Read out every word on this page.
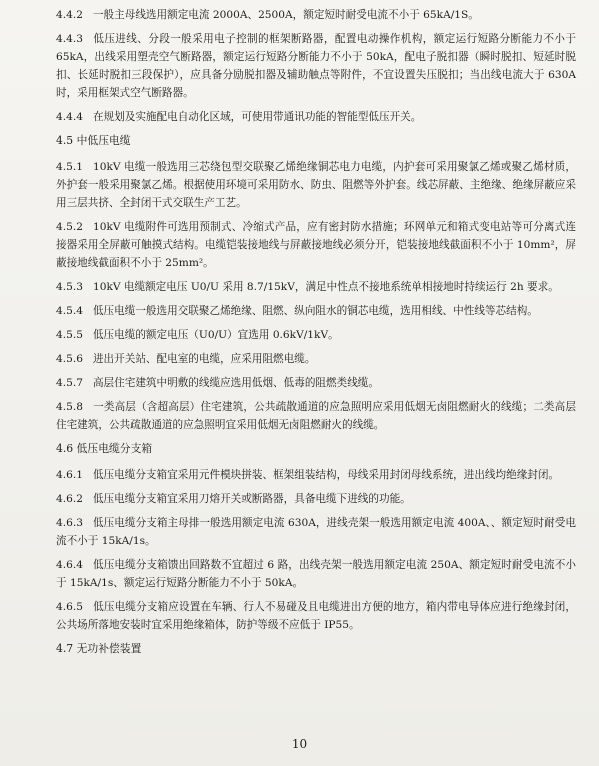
4.4.2 一般主母线选用额定电流 2000A、2500A，额定短时耐受电流不小于 65kA/1S。

4.4.3 低压进线、分段一般采用电子控制的框架断路器，配置电动操作机构，额定运行短路分断能力不小于 65kA，出线采用塑壳空气断路器，额定运行短路分断能力不小于 50kA，配电子脱扣器（瞬时脱扣、短延时脱扣、长延时脱扣三段保护），应具备分励脱扣器及辅助触点等附件，不宜设置失压脱扣；当出线电流大于 630A 时，采用框架式空气断路器。

4.4.4 在规划及实施配电自动化区域，可使用带通讯功能的智能型低压开关。

4.5 中低压电缆

4.5.1 10kV 电缆一般选用三芯绕包型交联聚乙烯绝缘铜芯电力电缆，内护套可采用聚氯乙烯或聚乙烯材质，外护套一般采用聚氯乙烯。根据使用环境可采用防水、防虫、阻燃等外护套。线芯屏蔽、主绝缘、绝缘屏蔽应采用三层共挤、全封闭干式交联生产工艺。

4.5.2 10kV 电缆附件可选用预制式、冷缩式产品，应有密封防水措施；环网单元和箱式变电站等可分离式连接器采用全屏蔽可触摸式结构。电缆铠装接地线与屏蔽接地线必须分开，铠装接地线截面积不小于 10mm²，屏蔽接地线截面积不小于 25mm²。

4.5.3 10kV 电缆额定电压 U0/U 采用 8.7/15kV，满足中性点不接地系统单相接地时持续运行 2h 要求。

4.5.4 低压电缆一般选用交联聚乙烯绝缘、阻燃、纵向阻水的铜芯电缆，选用相线、中性线等芯结构。

4.5.5 低压电缆的额定电压（U0/U）宜选用 0.6kV/1kV。

4.5.6 进出开关站、配电室的电缆，应采用阻燃电缆。

4.5.7 高层住宅建筑中明敷的线缆应选用低烟、低毒的阻燃类线缆。

4.5.8 一类高层（含超高层）住宅建筑，公共疏散通道的应急照明应采用低烟无卤阻燃耐火的线缆；二类高层住宅建筑，公共疏散通道的应急照明宜采用低烟无卤阻燃耐火的线缆。

4.6 低压电缆分支箱

4.6.1 低压电缆分支箱宜采用元件模块拼装、框架组装结构，母线采用封闭母线系统，进出线均绝缘封闭。

4.6.2 低压电缆分支箱宜采用刀熔开关或断路器，具备电缆下进线的功能。

4.6.3 低压电缆分支箱主母排一般选用额定电流 630A，进线壳架一般选用额定电流 400A、、额定短时耐受电流不小于 15kA/1s。

4.6.4 低压电缆分支箱馈出回路数不宜超过 6 路，出线壳架一般选用额定电流 250A、额定短时耐受电流不小于 15kA/1s、额定运行短路分断能力不小于 50kA。

4.6.5 低压电缆分支箱应设置在车辆、行人不易碰及且电缆进出方便的地方，箱内带电导体应进行绝缘封闭，公共场所落地安装时宜采用绝缘箱体，防护等级不应低于 IP55。

4.7 无功补偿装置
10
